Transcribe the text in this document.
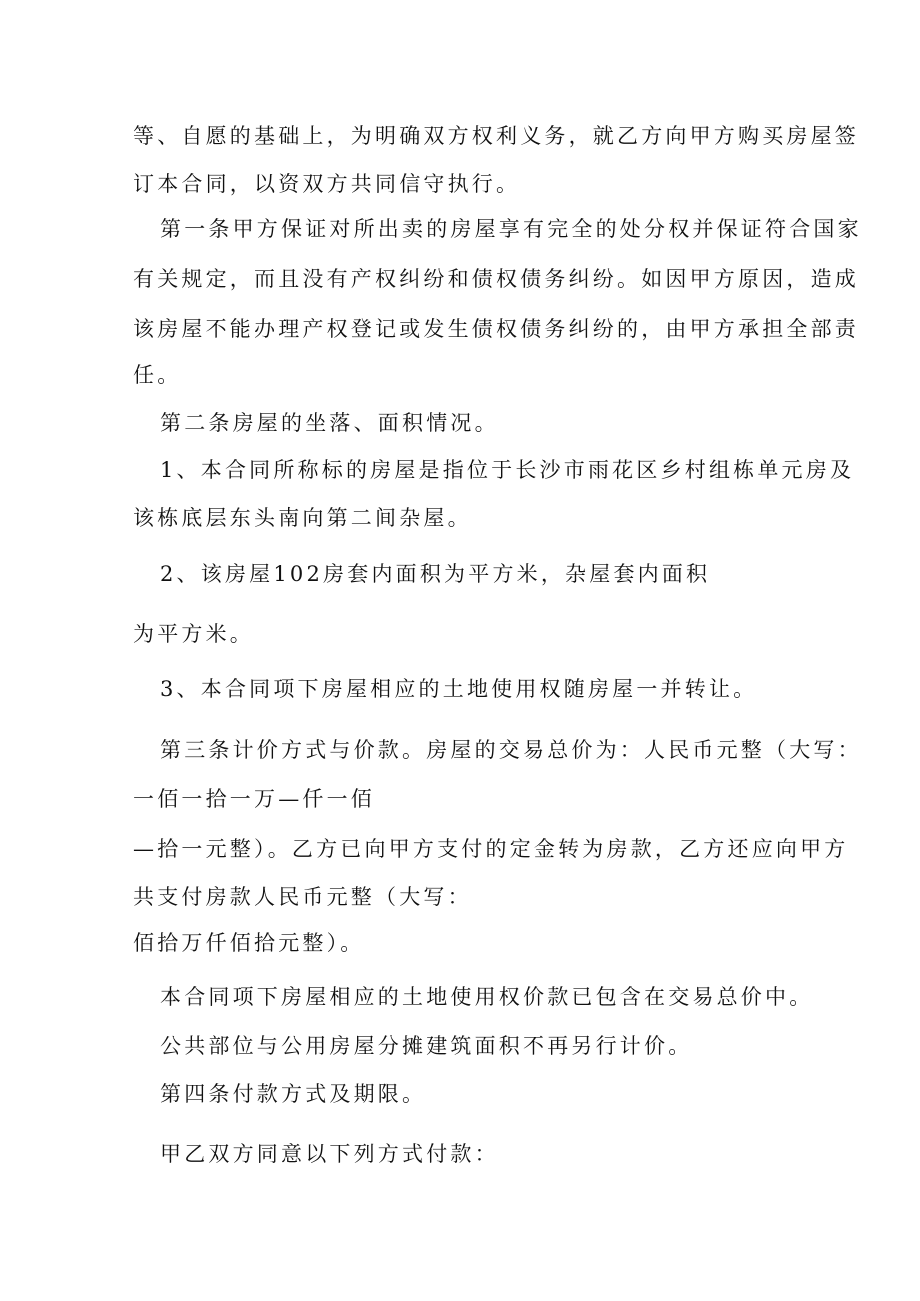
等、自愿的基础上，为明确双方权利义务，就乙方向甲方购买房屋签
订本合同，以资双方共同信守执行。
第一条甲方保证对所出卖的房屋享有完全的处分权并保证符合国家
有关规定，而且没有产权纠纷和债权债务纠纷。如因甲方原因，造成
该房屋不能办理产权登记或发生债权债务纠纷的，由甲方承担全部责
任。
第二条房屋的坐落、面积情况。
1、本合同所称标的房屋是指位于长沙市雨花区乡村组栋单元房及
该栋底层东头南向第二间杂屋。
2、该房屋102房套内面积为平方米，杂屋套内面积
为平方米。
3、本合同项下房屋相应的土地使用权随房屋一并转让。
第三条计价方式与价款。房屋的交易总价为：人民币元整（大写：
一佰一拾一万—仟一佰
—拾一元整）。乙方已向甲方支付的定金转为房款，乙方还应向甲方
共支付房款人民币元整（大写：
佰拾万仟佰拾元整）。
本合同项下房屋相应的土地使用权价款已包含在交易总价中。
公共部位与公用房屋分摊建筑面积不再另行计价。
第四条付款方式及期限。
甲乙双方同意以下列方式付款：
